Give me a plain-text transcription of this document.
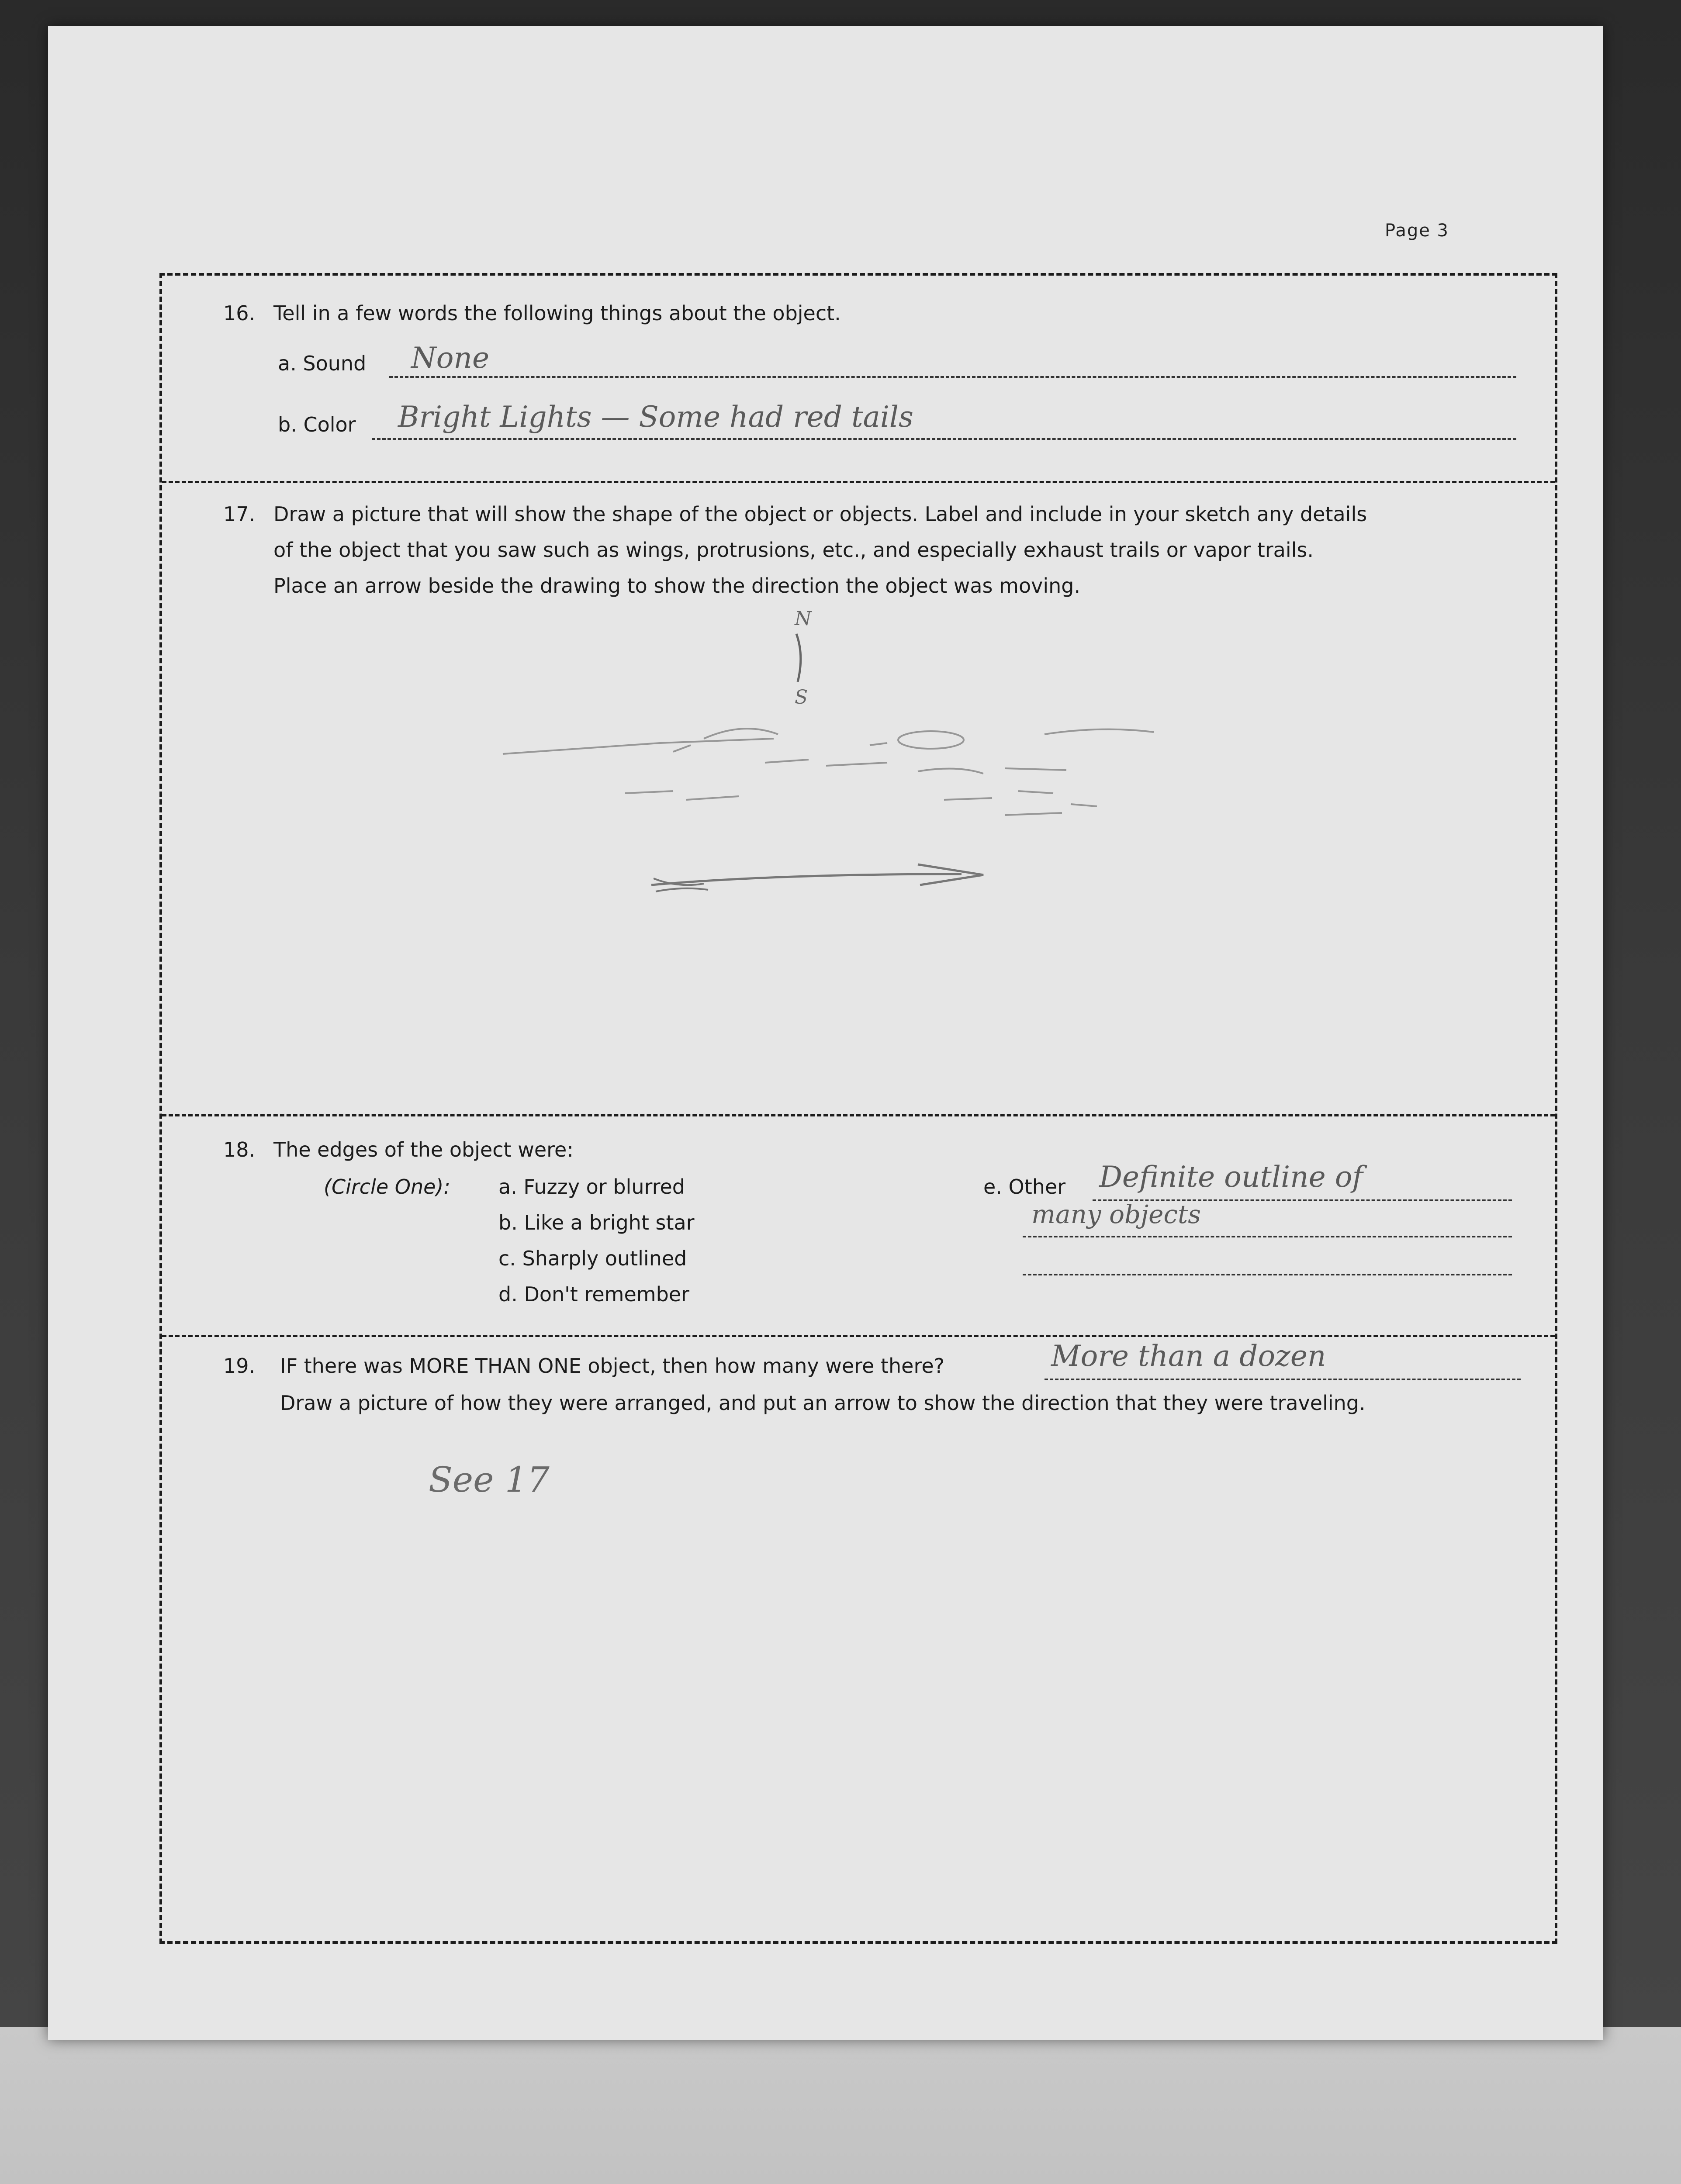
Page 3
16. Tell in a few words the following things about the object.
a. Sound None
b. Color Bright Lights — Some had red tails
17. Draw a picture that will show the shape of the object or objects. Label and include in your sketch any details
of the object that you saw such as wings, protrusions, etc., and especially exhaust trails or vapor trails.
Place an arrow beside the drawing to show the direction the object was moving.
N
S
18. The edges of the object were:
(Circle One): a. Fuzzy or blurred
b. Like a bright star
c. Sharply outlined
d. Don't remember
e. Other Definite outline of
many objects
19. IF there was MORE THAN ONE object, then how many were there?	More than a dozen
Draw a picture of how they were arranged, and put an arrow to show the direction that they were traveling.
See 17
